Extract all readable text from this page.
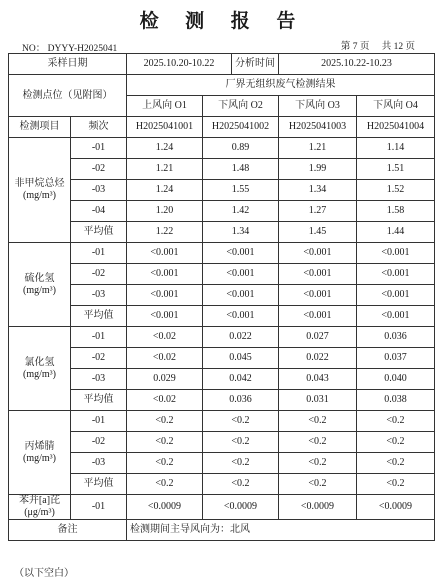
检 测 报 告
NO： DYYY-H2025041	第 7 页 共 12 页
采样日期		2025.10.20-10.22		分析时间	2025.10.22-10.23	
检测点位（见附图）		厂界无组织废气检测结果				
		上风向 O1	下风向 O2		下风向 O3	下风向 O4
检测项目	频次	H2025041001	H2025041002		H2025041003	H2025041004

非甲烷总烃
(mg/m³)	-01	1.24	0.89		1.21	1.14
	-02	1.21	1.48		1.99	1.51
	-03	1.24	1.55		1.34	1.52
	-04	1.20	1.42		1.27	1.58
	平均值	1.22	1.34		1.45	1.44

硫化氢
(mg/m³)	-01	<0.001	<0.001		<0.001	<0.001
	-02	<0.001	<0.001		<0.001	<0.001
	-03	<0.001	<0.001		<0.001	<0.001
	平均值	<0.001	<0.001		<0.001	<0.001

氯化氢
(mg/m³)	-01	<0.02	0.022		0.027	0.036
	-02	<0.02	0.045		0.022	0.037
	-03	0.029	0.042		0.043	0.040
	平均值	<0.02	0.036		0.031	0.038

丙烯腈
(mg/m³)	-01	<0.2	<0.2		<0.2	<0.2
	-02	<0.2	<0.2		<0.2	<0.2
	-03	<0.2	<0.2		<0.2	<0.2
	平均值	<0.2	<0.2		<0.2	<0.2

苯并[a]芘
(μg/m³)	-01	<0.0009	<0.0009		<0.0009	<0.0009
备注		检测期间主导风向为：北风				
（以下空白）
